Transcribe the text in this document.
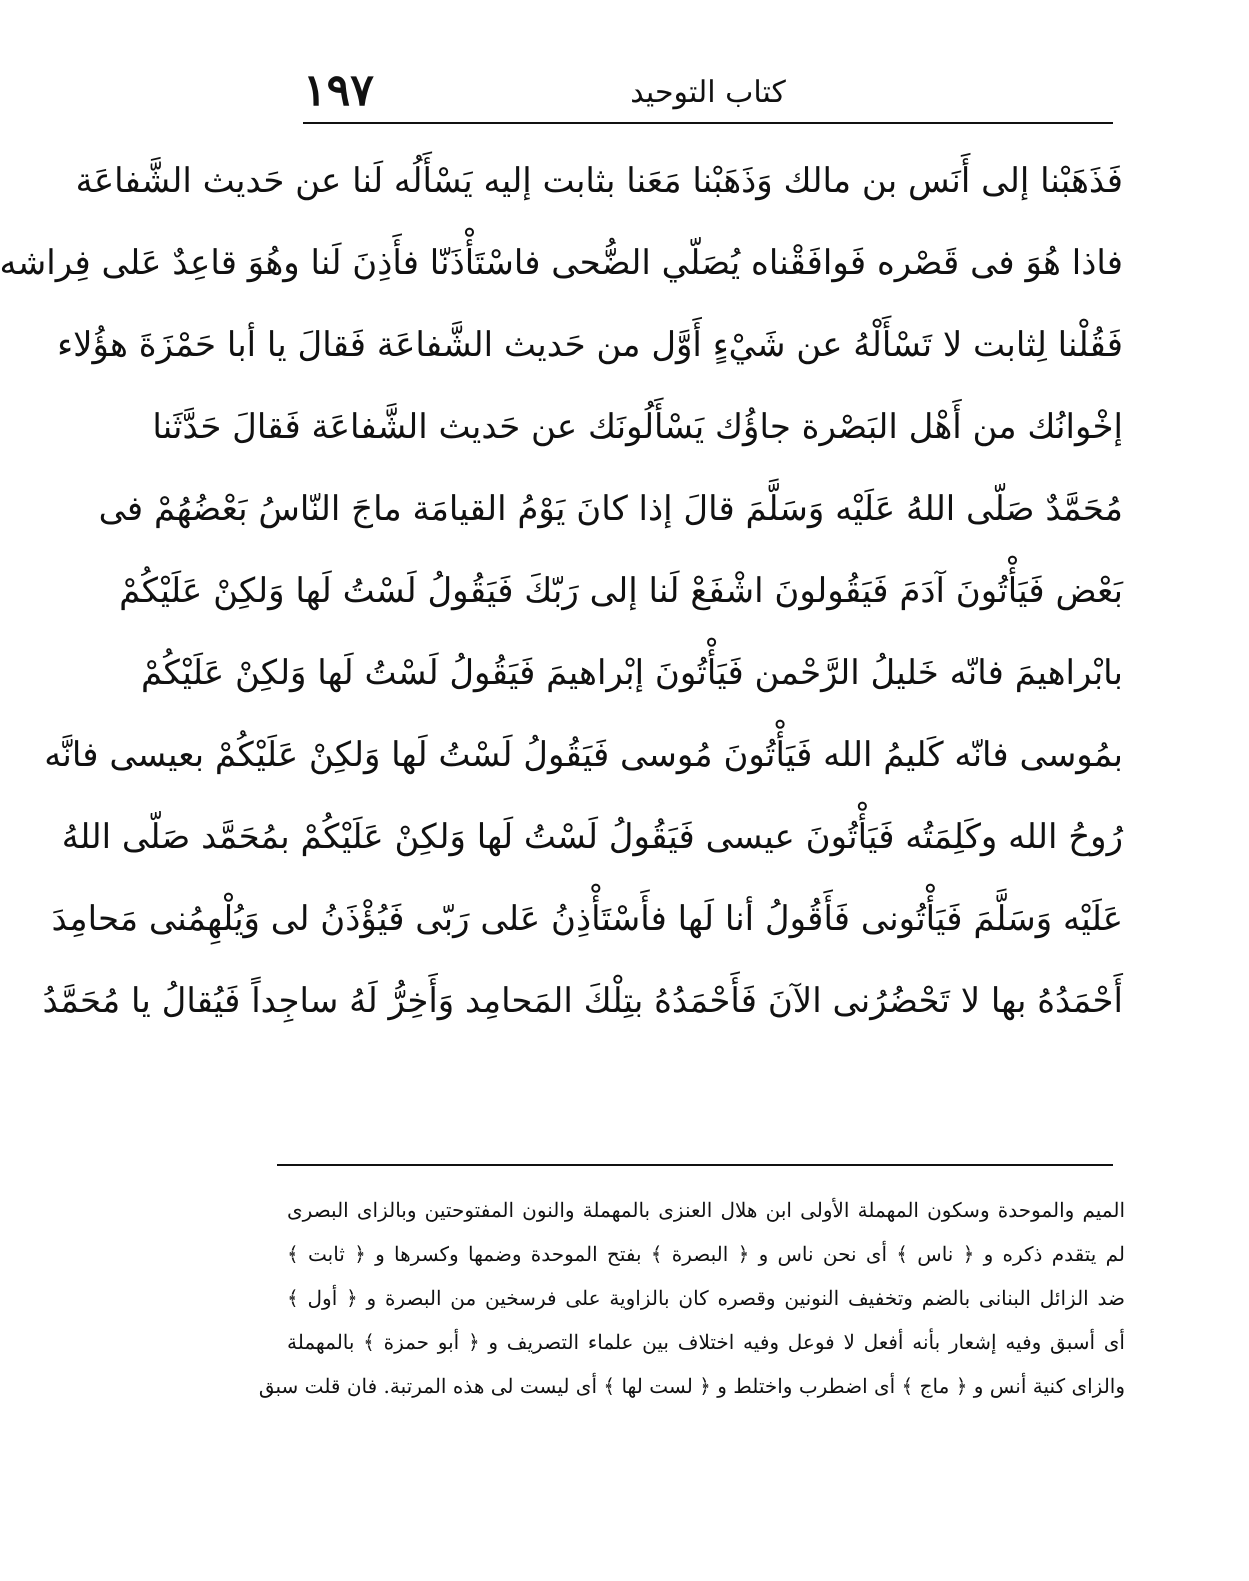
١٩٧	كتاب التوحيد
فَذَهَبْنا إلى أَنَس بن مالك وَذَهَبْنا مَعَنا بثابت إليه يَسْأَلُه لَنا عن حَديث الشَّفاعَة
فاذا هُوَ فى قَصْره فَوافَقْناه يُصَلّي الضُّحى فاسْتَأْذَنّا فأَذِنَ لَنا وهُوَ قاعِدٌ عَلى فِراشه
فَقُلْنا لِثابت لا تَسْأَلْهُ عن شَيْءٍ أَوَّل من حَديث الشَّفاعَة فَقالَ يا أبا حَمْزَةَ هؤُلاء
إخْوانُك من أَهْل البَصْرة جاؤُك يَسْأَلُونَك عن حَديث الشَّفاعَة فَقالَ حَدَّثَنا
مُحَمَّدٌ صَلّى اللهُ عَلَيْه وَسَلَّمَ قالَ إذا كانَ يَوْمُ القيامَة ماجَ النّاسُ بَعْضُهُمْ فى
بَعْض فَيَأْتُونَ آدَمَ فَيَقُولونَ اشْفَعْ لَنا إلى رَبّكَ فَيَقُولُ لَسْتُ لَها وَلكِنْ عَلَيْكُمْ
بابْراهيمَ فانّه خَليلُ الرَّحْمن فَيَأْتُونَ إبْراهيمَ فَيَقُولُ لَسْتُ لَها وَلكِنْ عَلَيْكُمْ
بمُوسى فانّه كَليمُ الله فَيَأْتُونَ مُوسى فَيَقُولُ لَسْتُ لَها وَلكِنْ عَلَيْكُمْ بعيسى فانَّه
رُوحُ الله وكَلِمَتُه فَيَأْتُونَ عيسى فَيَقُولُ لَسْتُ لَها وَلكِنْ عَلَيْكُمْ بمُحَمَّد صَلّى اللهُ
عَلَيْه وَسَلَّمَ فَيَأْتُونى فَأَقُولُ أنا لَها فأَسْتَأْذِنُ عَلى رَبّى فَيُؤْذَنُ لى وَيُلْهِمُنى مَحامِدَ
أَحْمَدُهُ بها لا تَحْضُرُنى الآنَ فَأَحْمَدُهُ بتِلْكَ المَحامِد وَأَخِرُّ لَهُ ساجِداً فَيُقالُ يا مُحَمَّدُ
الميم والموحدة وسكون المهملة الأولى ابن هلال العنزى بالمهملة والنون المفتوحتين وبالزاى البصرى
لم يتقدم ذكره و ﴿ ناس ﴾ أى نحن ناس و ﴿ البصرة ﴾ بفتح الموحدة وضمها وكسرها و ﴿ ثابت ﴾
ضد الزائل البنانى بالضم وتخفيف النونين وقصره كان بالزاوية على فرسخين من البصرة و ﴿ أول ﴾
أى أسبق وفيه إشعار بأنه أفعل لا فوعل وفيه اختلاف بين علماء التصريف و ﴿ أبو حمزة ﴾ بالمهملة
والزاى كنية أنس و ﴿ ماج ﴾ أى اضطرب واختلط و ﴿ لست لها ﴾ أى ليست لى هذه المرتبة. فان قلت سبق
